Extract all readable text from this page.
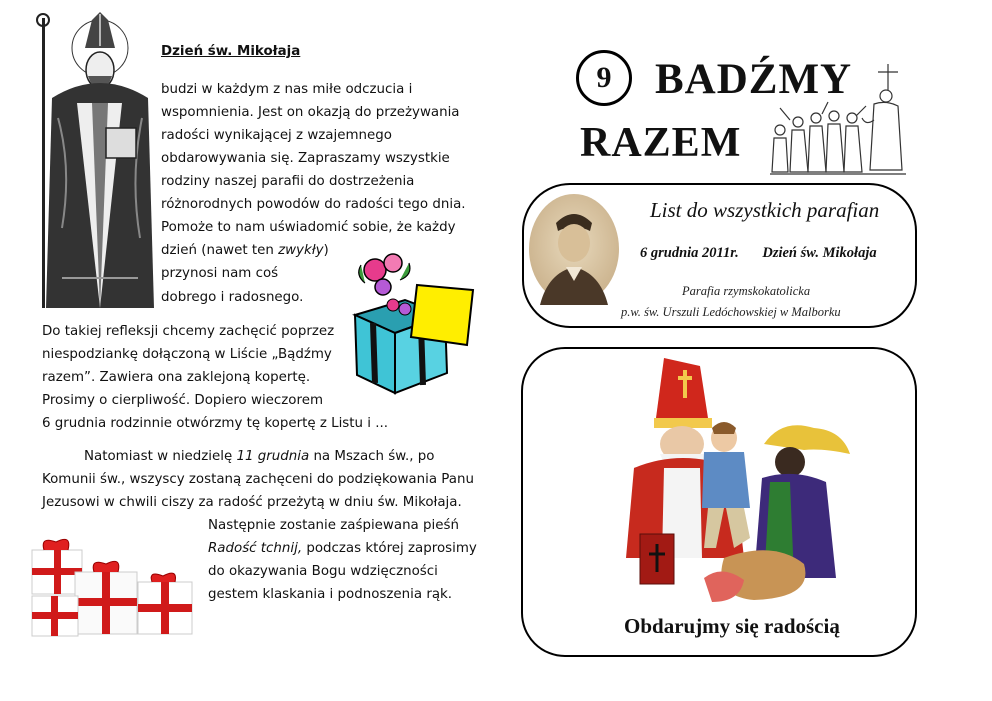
Dzień św. Mikołaja
budzi w każdym z nas miłe odczucia i
wspomnienia. Jest on okazją do przeżywania
radości wynikającej z wzajemnego
obdarowywania się. Zapraszamy wszystkie
rodziny naszej parafii do dostrzeżenia
różnorodnych powodów do radości tego dnia.
Pomoże to nam uświadomić sobie, że każdy
dzień (nawet ten zwykły)
przynosi nam coś
dobrego i radosnego.
Do takiej refleksji chcemy zachęcić poprzez
niespodziankę dołączoną w Liście „Bądźmy
razem”. Zawiera ona zaklejoną kopertę.
Prosimy o cierpliwość. Dopiero wieczorem
6 grudnia rodzinnie otwórzmy tę kopertę z Listu i ...
Natomiast w niedzielę 11 grudnia na Mszach św., po
Komunii św., wszyscy zostaną zachęceni do podziękowania Panu
Jezusowi w chwili ciszy za radość przeżytą w dniu św. Mikołaja.
Następnie zostanie zaśpiewana pieśń
Radość tchnij, podczas której zaprosimy
do okazywania Bogu wdzięczności
gestem klaskania i podnoszenia rąk.
9 BADŹMY
RAZEM
List do wszystkich parafian
6 grudnia 2011r. Dzień św. Mikołaja
Parafia rzymskokatolicka
p.w. św. Urszuli Ledóchowskiej w Malborku
Obdarujmy się radością
